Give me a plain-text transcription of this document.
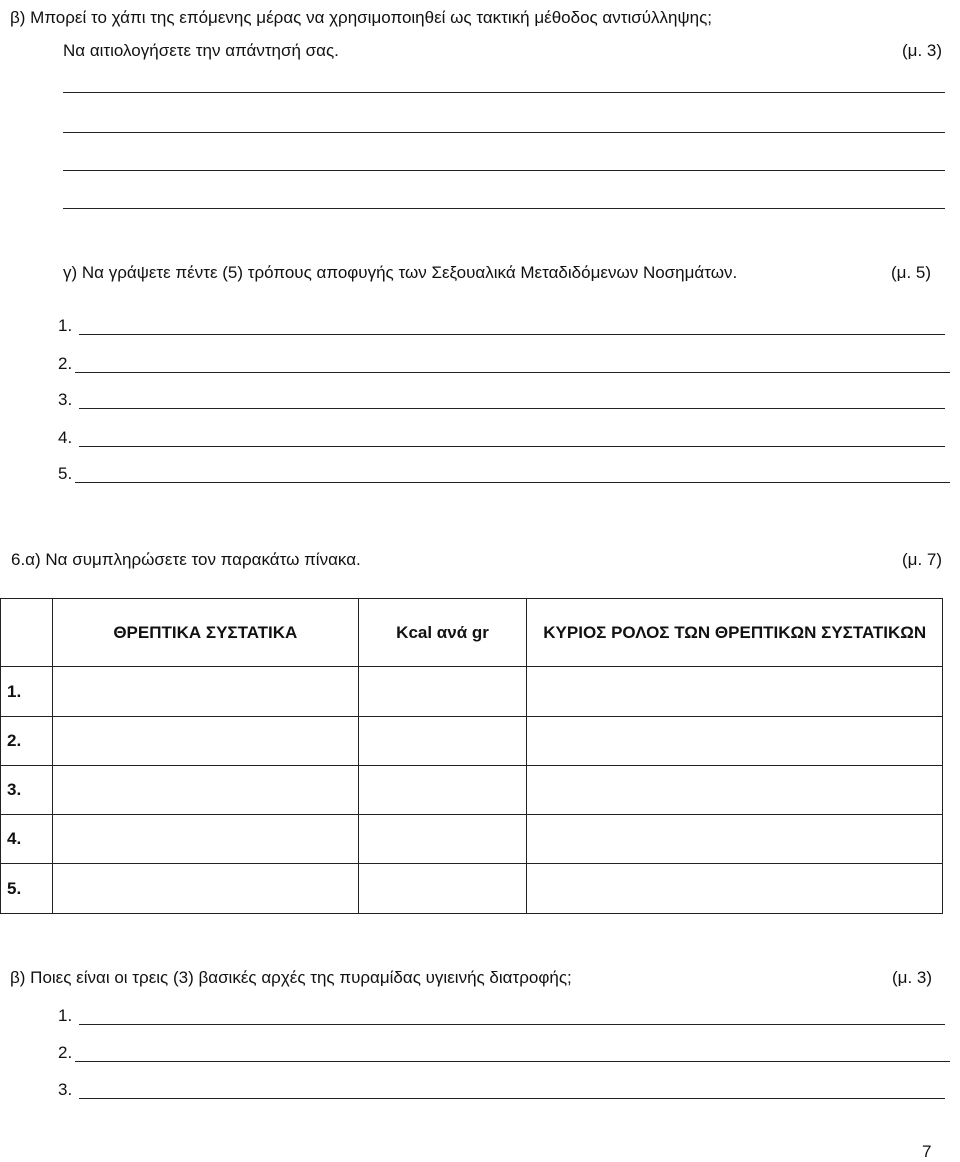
β) Μπορεί το χάπι της επόμενης μέρας να χρησιμοποιηθεί ως τακτική μέθοδος αντισύλληψης;
Να αιτιολογήσετε την απάντησή σας.	(μ. 3)
γ) Να γράψετε πέντε (5) τρόπους αποφυγής των Σεξουαλικά Μεταδιδόμενων Νοσημάτων.	(μ. 5)
1.
2.
3.
4.
5.
6.α) Να συμπληρώσετε τον παρακάτω πίνακα.	(μ. 7)
	ΘΡΕΠΤΙΚΑ ΣΥΣΤΑΤΙΚΑ	Kcal ανά gr	ΚΥΡΙΟΣ ΡΟΛΟΣ ΤΩΝ ΘΡΕΠΤΙΚΩΝ ΣΥΣΤΑΤΙΚΩΝ
1.			
2.			
3.			
4.			
5.			
β) Ποιες είναι οι τρεις (3) βασικές αρχές της πυραμίδας υγιεινής διατροφής;	(μ. 3)
1.
2.
3.
7
